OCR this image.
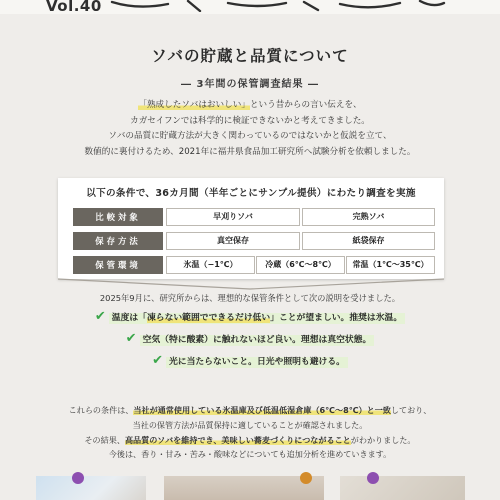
Vol.40
ソバの貯蔵と品質について
― 3年間の保管調査結果 ―

「熟成したソバはおいしい」という昔からの言い伝えを、

カガセイフンでは科学的に検証できないかと考えてきました。

ソバの品質に貯蔵方法が大きく関わっているのではないかと仮説を立て、

数値的に裏付けるため、2021年に福井県食品加工研究所へ試験分析を依頼しました。

以下の条件で、36カ月間（半年ごとにサンプル提供）にわたり調査を実施
比較対象	早刈りソバ	完熟ソバ
保存方法	真空保存	紙袋保存
保管環境	氷温（−1℃）	冷蔵（6℃〜8℃）	常温（1℃〜35℃）
2025年9月に、研究所からは、理想的な保管条件として次の説明を受けました。
✔ 温度は「凍らない範囲でできるだけ低い」ことが望ましい。推奨は氷温。
✔ 空気（特に酸素）に触れないほど良い。理想は真空状態。
✔ 光に当たらないこと。日光や照明も避ける。

これらの条件は、当社が通常使用している氷温庫及び低温低湿倉庫（6℃〜8℃）と一致しており、

当社の保管方法が品質保持に適していることが確認されました。

その結果、高品質のソバを維持でき、美味しい蕎麦づくりにつながることがわかりました。

今後は、香り・甘み・苦み・酸味などについても追加分析を進めていきます。
